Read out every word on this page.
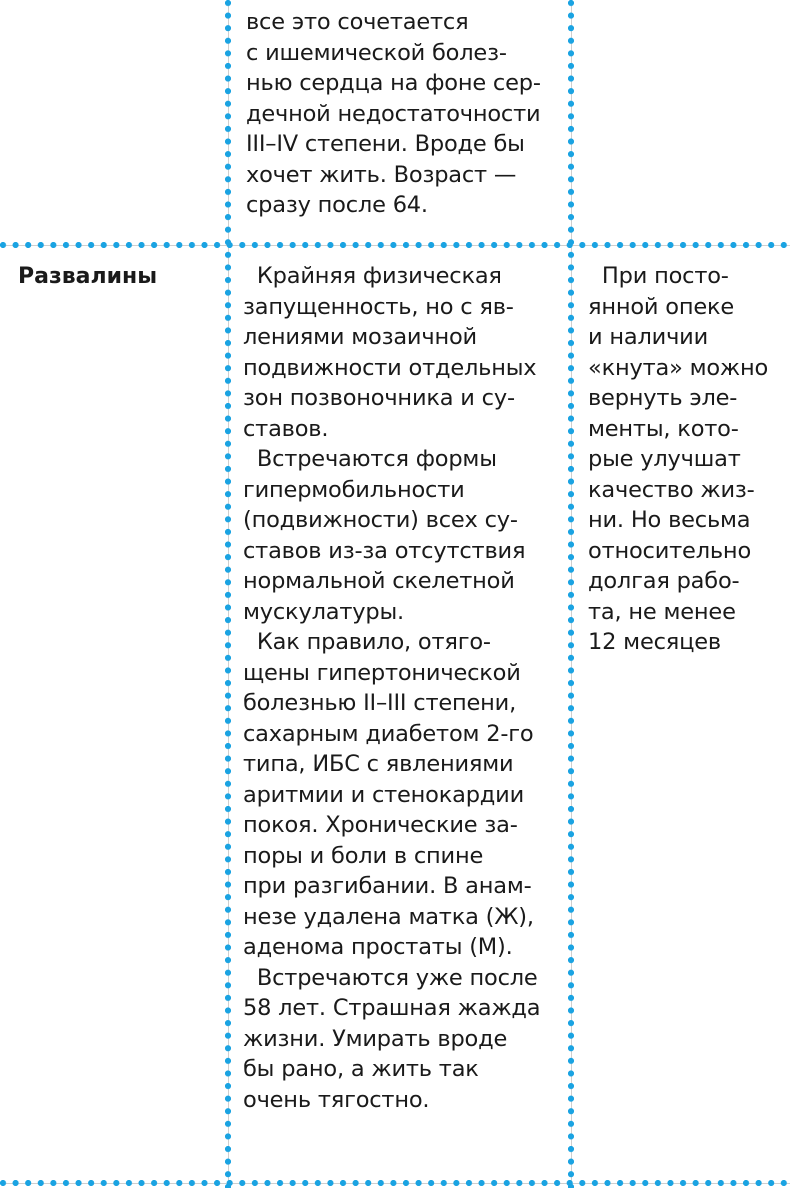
все это сочетается
с ишемической болез-
нью сердца на фоне сер-
дечной недостаточности
III–IV степени. Вроде бы
хочет жить. Возраст —
сразу после 64.
Развалины	Крайняя физическая
запущенность, но с яв-
лениями мозаичной
подвижности отдельных
зон позвоночника и су-
ставов.
Встречаются формы
гипермобильности
(подвижности) всех су-
ставов из-за отсутствия
нормальной скелетной
мускулатуры.
Как правило, отяго-
щены гипертонической
болезнью II–III степени,
сахарным диабетом 2-го
типа, ИБС с явлениями
аритмии и стенокардии
покоя. Хронические за-
поры и боли в спине
при разгибании. В анам-
незе удалена матка (Ж),
аденома простаты (М).
Встречаются уже после
58 лет. Страшная жажда
жизни. Умирать вроде
бы рано, а жить так
очень тягостно.
При посто-
янной опеке
и наличии
«кнута» можно
вернуть эле-
менты, кото-
рые улучшат
качество жиз-
ни. Но весьма
относительно
долгая рабо-
та, не менее
12 месяцев
